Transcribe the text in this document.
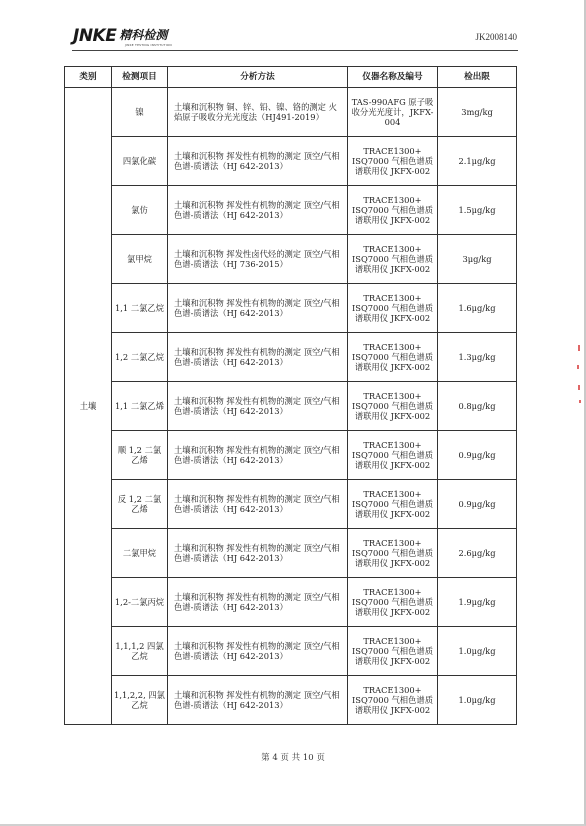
JNKE 精科检测
JINKE TESTING INSTITUTION
JK2008140
类别	检测项目	分析方法	仪器名称及编号	检出限
土壤	镍	土壤和沉积物 铜、锌、铅、镍、铬的测定 火焰原子吸收分光光度法（HJ491-2019）	TAS-990AFG 原子吸收分光光度计，JKFX-004	3mg/kg
	四氯化碳	土壤和沉积物 挥发性有机物的测定 顶空/气相色谱-质谱法（HJ 642-2013）	TRACE1300+ ISQ7000 气相色谱质谱联用仪 JKFX-002	2.1μg/kg
	氯仿	土壤和沉积物 挥发性有机物的测定 顶空/气相色谱-质谱法（HJ 642-2013）	TRACE1300+ ISQ7000 气相色谱质谱联用仪 JKFX-002	1.5μg/kg
	氯甲烷	土壤和沉积物 挥发性卤代烃的测定 顶空/气相色谱-质谱法（HJ 736-2015）	TRACE1300+ ISQ7000 气相色谱质谱联用仪 JKFX-002	3μg/kg
	1,1 二氯乙烷	土壤和沉积物 挥发性有机物的测定 顶空/气相色谱-质谱法（HJ 642-2013）	TRACE1300+ ISQ7000 气相色谱质谱联用仪 JKFX-002	1.6μg/kg
	1,2 二氯乙烷	土壤和沉积物 挥发性有机物的测定 顶空/气相色谱-质谱法（HJ 642-2013）	TRACE1300+ ISQ7000 气相色谱质谱联用仪 JKFX-002	1.3μg/kg
	1,1 二氯乙烯	土壤和沉积物 挥发性有机物的测定 顶空/气相色谱-质谱法（HJ 642-2013）	TRACE1300+ ISQ7000 气相色谱质谱联用仪 JKFX-002	0.8μg/kg
	顺 1,2 二氯乙烯	土壤和沉积物 挥发性有机物的测定 顶空/气相色谱-质谱法（HJ 642-2013）	TRACE1300+ ISQ7000 气相色谱质谱联用仪 JKFX-002	0.9μg/kg
	反 1,2 二氯乙烯	土壤和沉积物 挥发性有机物的测定 顶空/气相色谱-质谱法（HJ 642-2013）	TRACE1300+ ISQ7000 气相色谱质谱联用仪 JKFX-002	0.9μg/kg
	二氯甲烷	土壤和沉积物 挥发性有机物的测定 顶空/气相色谱-质谱法（HJ 642-2013）	TRACE1300+ ISQ7000 气相色谱质谱联用仪 JKFX-002	2.6μg/kg
	1,2-二氯丙烷	土壤和沉积物 挥发性有机物的测定 顶空/气相色谱-质谱法（HJ 642-2013）	TRACE1300+ ISQ7000 气相色谱质谱联用仪 JKFX-002	1.9μg/kg
	1,1,1,2 四氯乙烷	土壤和沉积物 挥发性有机物的测定 顶空/气相色谱-质谱法（HJ 642-2013）	TRACE1300+ ISQ7000 气相色谱质谱联用仪 JKFX-002	1.0μg/kg
	1,1,2,2, 四氯乙烷	土壤和沉积物 挥发性有机物的测定 顶空/气相色谱-质谱法（HJ 642-2013）	TRACE1300+ ISQ7000 气相色谱质谱联用仪 JKFX-002	1.0μg/kg
第 4 页 共 10 页
